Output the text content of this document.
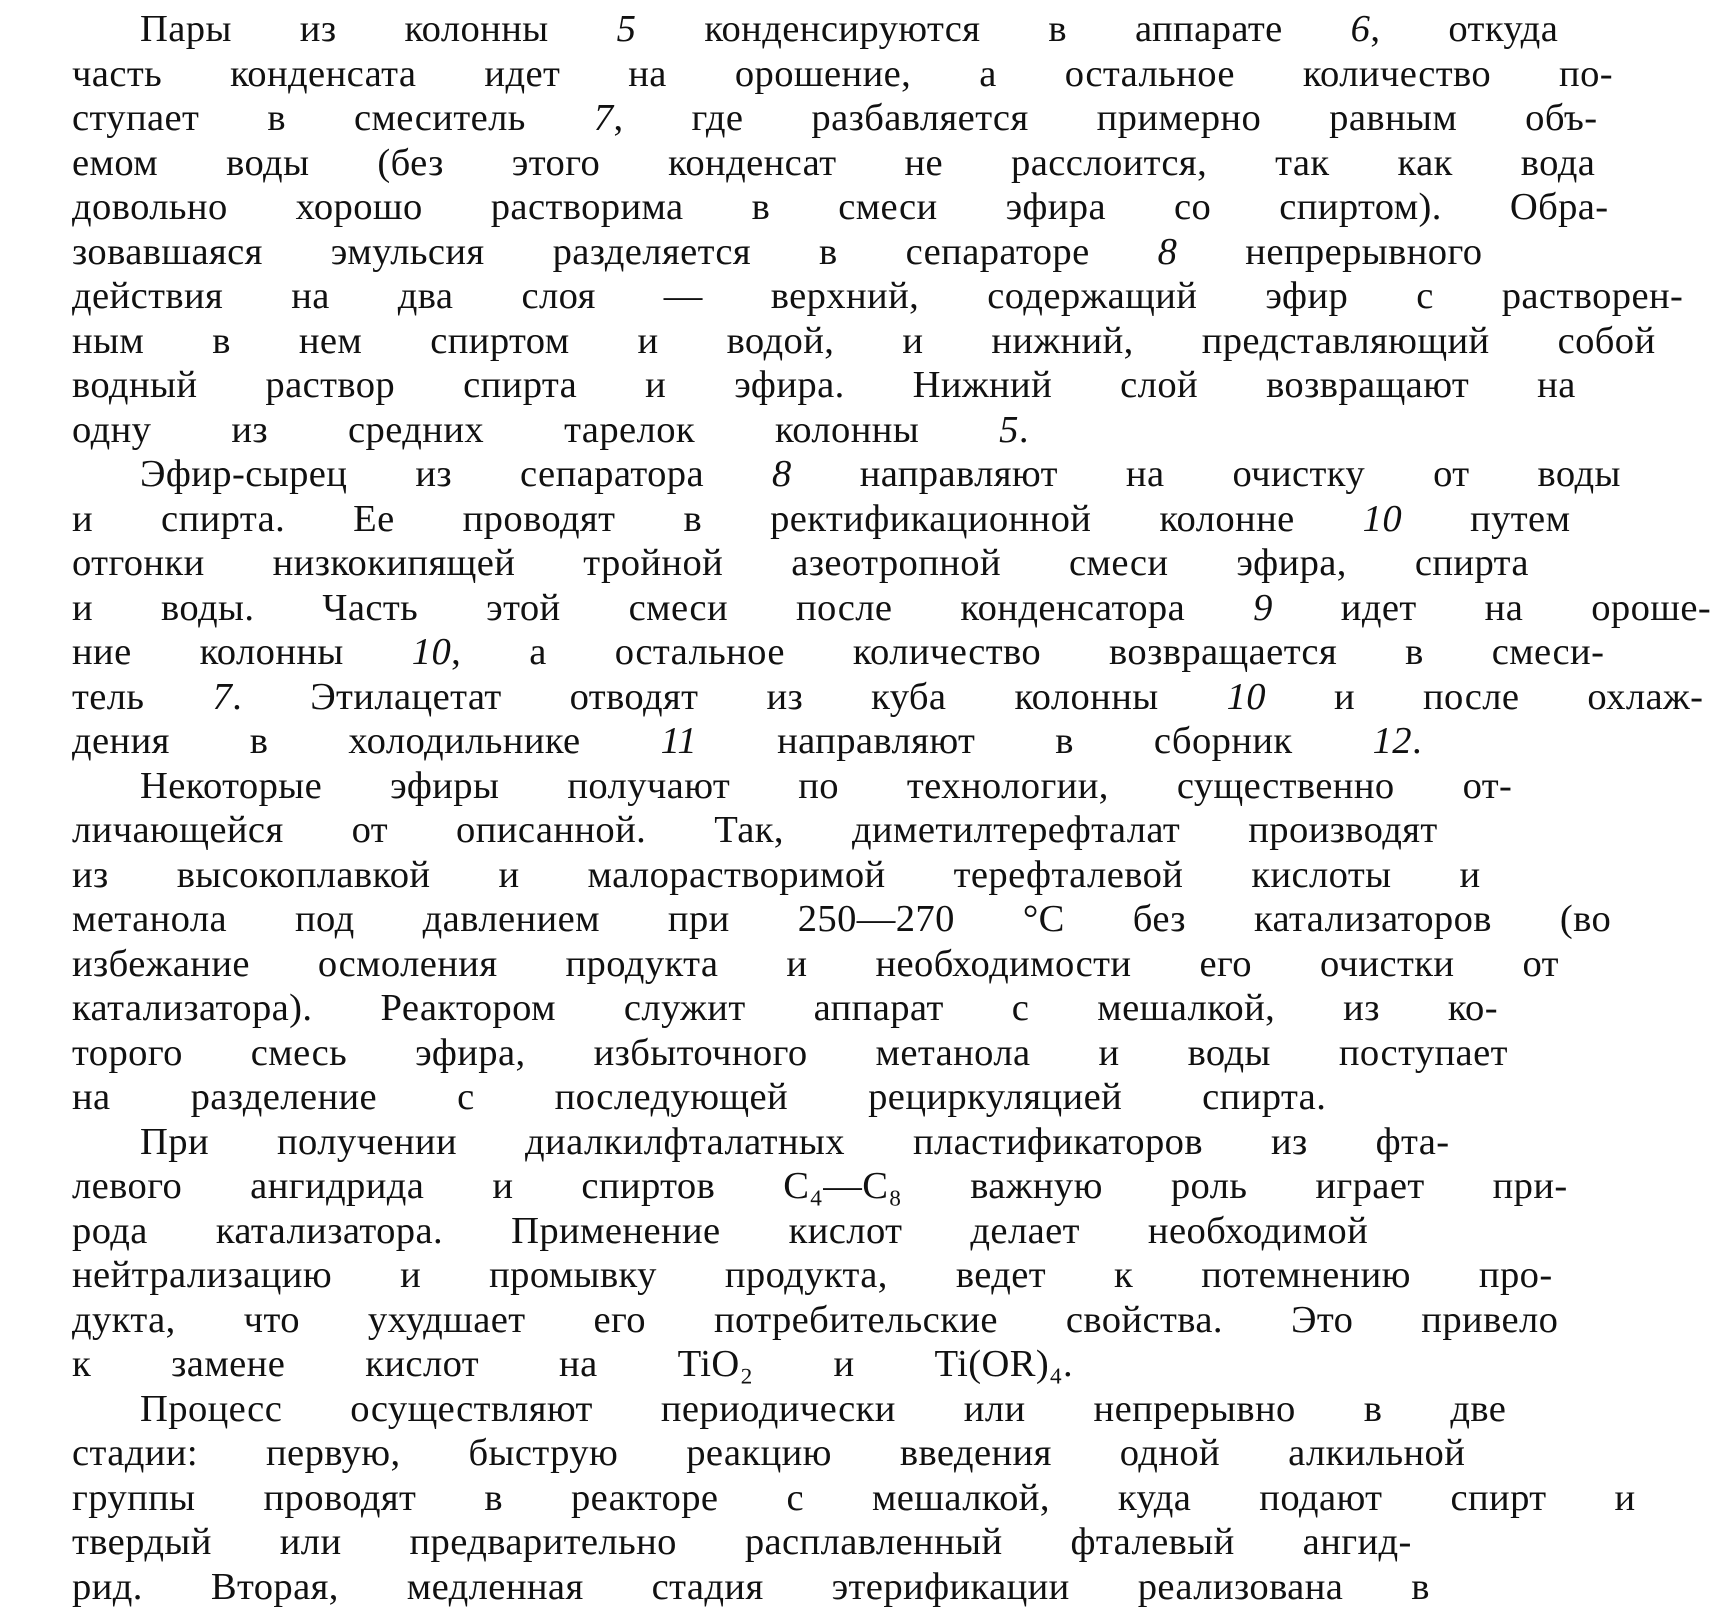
Пары	из	колонны	5	конденсируются	в	аппарате	6,	откуда
часть	конденсата	идет	на	орошение,	а	остальное	количество	по-
ступает	в	смеситель	7,	где	разбавляется	примерно	равным	объ-
емом	воды	(без	этого	конденсат	не	расслоится,	так	как	вода
довольно	хорошо	растворима	в	смеси	эфира	со	спиртом).	Обра-
зовавшаяся	эмульсия	разделяется	в	сепараторе	8	непрерывного
действия	на	два	слоя	—	верхний,	содержащий	эфир	с	растворен-
ным	в	нем	спиртом	и	водой,	и	нижний,	представляющий	собой
водный	раствор	спирта	и	эфира.	Нижний	слой	возвращают	на
одну	из	средних	тарелок	колонны	5.
Эфир-сырец	из	сепаратора	8	направляют	на	очистку	от	воды
и	спирта.	Ее	проводят	в	ректификационной	колонне	10	путем
отгонки	низкокипящей	тройной	азеотропной	смеси	эфира,	спирта
и	воды.	Часть	этой	смеси	после	конденсатора	9	идет	на	ороше-
ние	колонны	10,	а	остальное	количество	возвращается	в	смеси-
тель	7.	Этилацетат	отводят	из	куба	колонны	10	и	после	охлаж-
дения	в	холодильнике	11	направляют	в	сборник	12.
Некоторые	эфиры	получают	по	технологии,	существенно	от-
личающейся	от	описанной.	Так,	диметилтерефталат	производят
из	высокоплавкой	и	малорастворимой	терефталевой	кислоты	и
метанола	под	давлением	при	250—270	°C	без	катализаторов	(во
избежание	осмоления	продукта	и	необходимости	его	очистки	от
катализатора).	Реактором	служит	аппарат	с	мешалкой,	из	ко-
торого	смесь	эфира,	избыточного	метанола	и	воды	поступает
на	разделение	с	последующей	рециркуляцией	спирта.
При	получении	диалкилфталатных	пластификаторов	из	фта-
левого	ангидрида	и	спиртов	C₄—C₈	важную	роль	играет	при-
рода	катализатора.	Применение	кислот	делает	необходимой
нейтрализацию	и	промывку	продукта,	ведет	к	потемнению	про-
дукта,	что	ухудшает	его	потребительские	свойства.	Это	привело
к	замене	кислот	на	TiO₂	и	Ti(OR)₄.
Процесс	осуществляют	периодически	или	непрерывно	в	две
стадии:	первую,	быструю	реакцию	введения	одной	алкильной
группы	проводят	в	реакторе	с	мешалкой,	куда	подают	спирт	и
твердый	или	предварительно	расплавленный	фталевый	ангид-
рид.	Вторая,	медленная	стадия	этерификации	реализована	в
